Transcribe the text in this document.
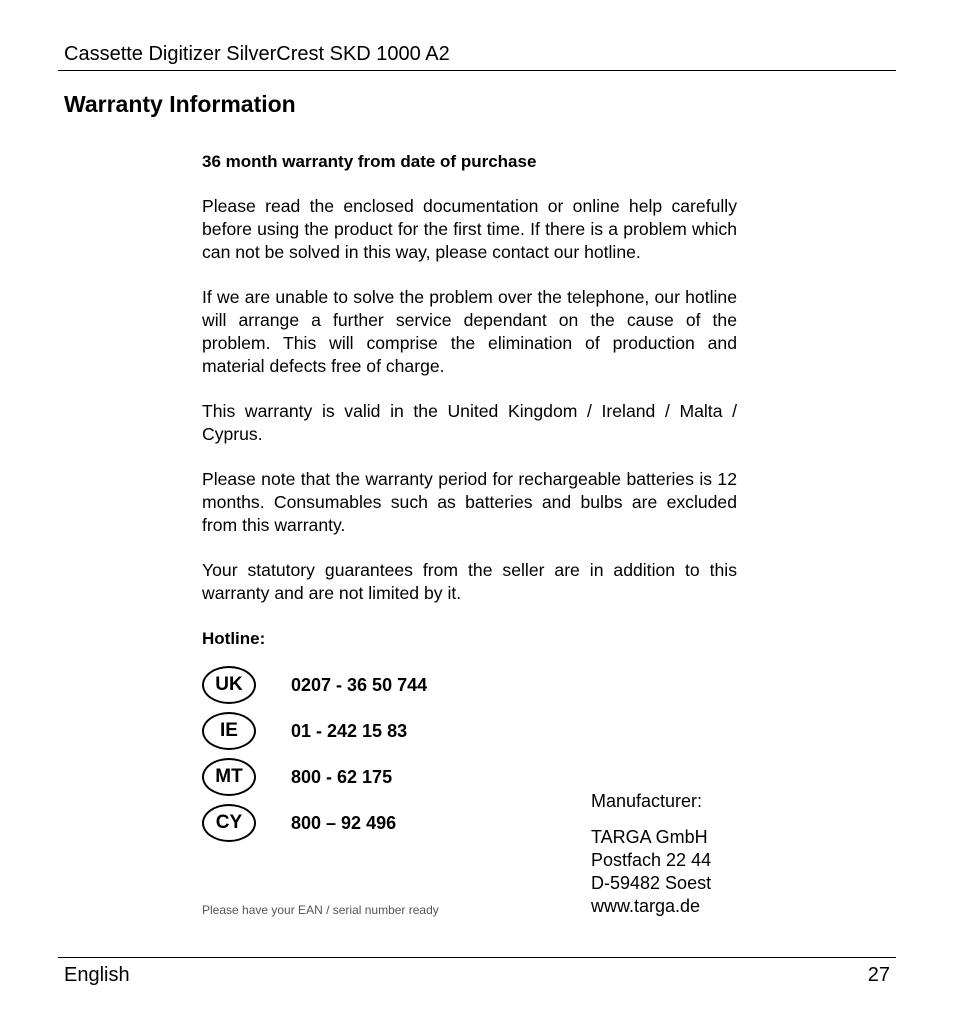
Cassette Digitizer SilverCrest SKD 1000 A2
Warranty Information
36 month warranty from date of purchase

Please read the enclosed documentation or online help carefully before using the product for the first time. If there is a problem which can not be solved in this way, please contact our hotline.

If we are unable to solve the problem over the telephone, our hotline will arrange a further service dependant on the cause of the problem. This will comprise the elimination of production and material defects free of charge.

This warranty is valid in the United Kingdom / Ireland / Malta / Cyprus.

Please note that the warranty period for rechargeable batteries is 12 months. Consumables such as batteries and bulbs are excluded from this warranty.

Your statutory guarantees from the seller are in addition to this warranty and are not limited by it.

Hotline:
UK	0207 - 36 50 744
IE	01 - 242 15 83
MT	800 - 62 175
CY	800 – 92 496
Please have your EAN / serial number ready
Manufacturer:
TARGA GmbH
Postfach 22 44
D-59482 Soest
www.targa.de
English	27
